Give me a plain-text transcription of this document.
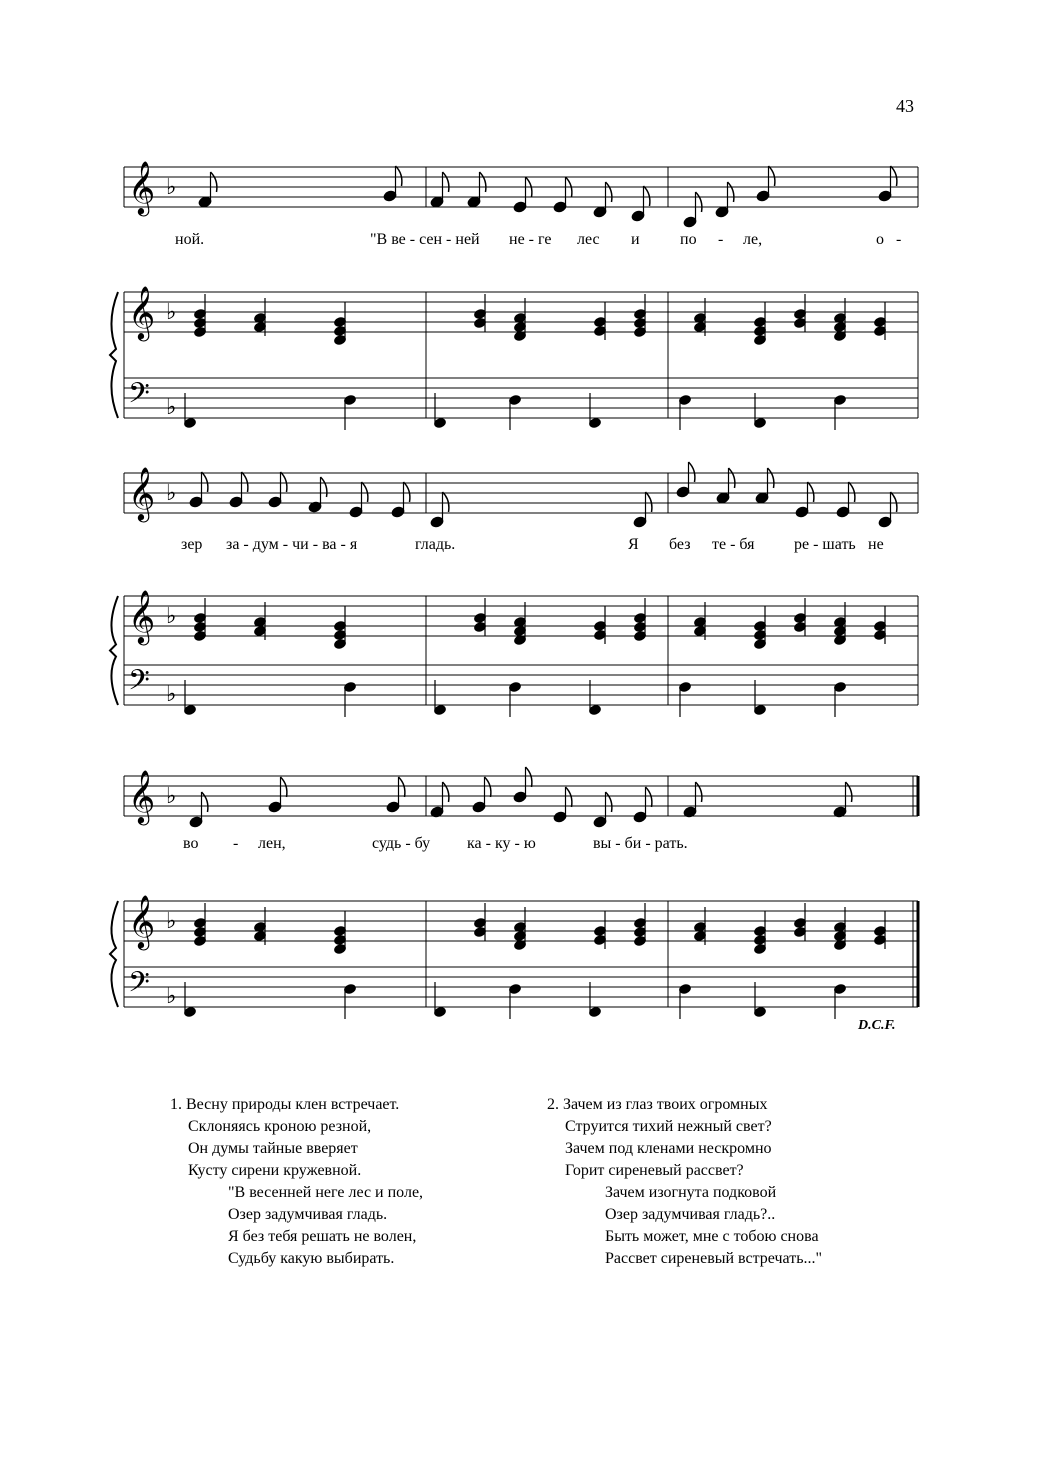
43
𝄞 ♭
𝄞 ♭
𝄢 ♭
𝄞 ♭
𝄞 ♭
𝄢 ♭
𝄞 ♭
𝄞 ♭
𝄢 ♭
ной.	"В ве - сен - ней не - ге лес и	по - ле,	о -
зер за - дум - чи - ва - я	гладь.	Я без те - бя ре - шать не
во - лен,	судь - бу ка - ку - ю	вы - би - рать.
D.C.F.
1. Весну природы клен встречает.
Склоняясь кроною резной,
Он думы тайные вверяет
Кусту сирени кружевной.
"В весенней неге лес и поле,
Озер задумчивая гладь.
Я без тебя решать не волен,
Судьбу какую выбирать.
2. Зачем из глаз твоих огромных
Струится тихий нежный свет?
Зачем под кленами нескромно
Горит сиреневый рассвет?
Зачем изогнута подковой
Озер задумчивая гладь?..
Быть может, мне с тобою снова
Рассвет сиреневый встречать..."
